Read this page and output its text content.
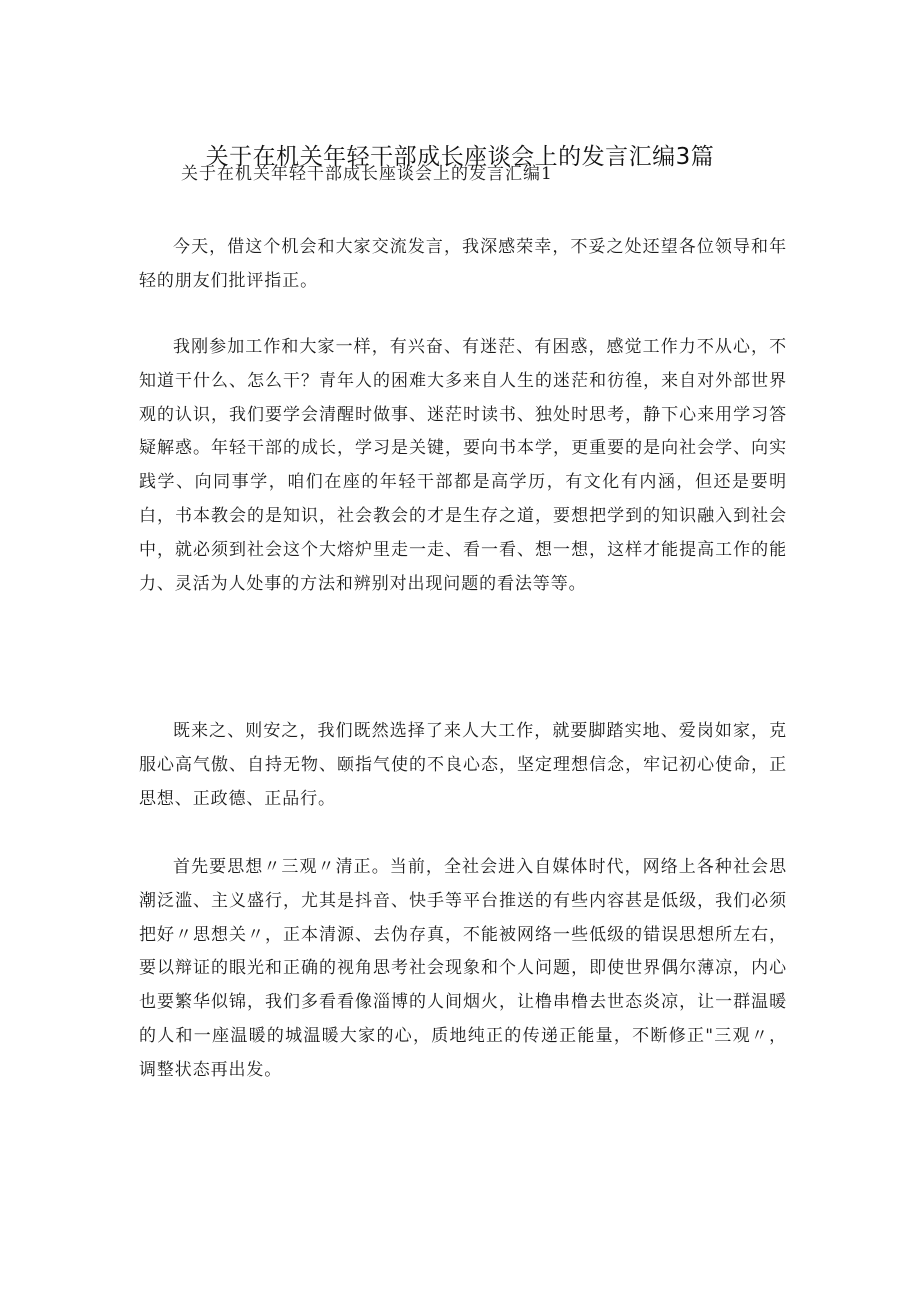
关于在机关年轻干部成长座谈会上的发言汇编3篇
关于在机关年轻干部成长座谈会上的发言汇编1

今天，借这个机会和大家交流发言，我深感荣幸，不妥之处还望各位领导和年轻的朋友们批评指正。

我刚参加工作和大家一样，有兴奋、有迷茫、有困惑，感觉工作力不从心，不知道干什么、怎么干？青年人的困难大多来自人生的迷茫和彷徨，来自对外部世界观的认识，我们要学会清醒时做事、迷茫时读书、独处时思考，静下心来用学习答疑解惑。年轻干部的成长，学习是关键，要向书本学，更重要的是向社会学、向实践学、向同事学，咱们在座的年轻干部都是高学历，有文化有内涵，但还是要明白，书本教会的是知识，社会教会的才是生存之道，要想把学到的知识融入到社会中，就必须到社会这个大熔炉里走一走、看一看、想一想，这样才能提高工作的能力、灵活为人处事的方法和辨别对出现问题的看法等等。

既来之、则安之，我们既然选择了来人大工作，就要脚踏实地、爱岗如家，克服心高气傲、自持无物、颐指气使的不良心态，坚定理想信念，牢记初心使命，正思想、正政德、正品行。

首先要思想〃三观〃清正。当前，全社会进入自媒体时代，网络上各种社会思潮泛滥、主义盛行，尤其是抖音、快手等平台推送的有些内容甚是低级，我们必须把好〃思想关〃，正本清源、去伪存真，不能被网络一些低级的错误思想所左右，要以辩证的眼光和正确的视角思考社会现象和个人问题，即使世界偶尔薄凉，内心也要繁华似锦，我们多看看像淄博的人间烟火，让橹串橹去世态炎凉，让一群温暖的人和一座温暖的城温暖大家的心，质地纯正的传递正能量，不断修正"三观〃，调整状态再出发。
